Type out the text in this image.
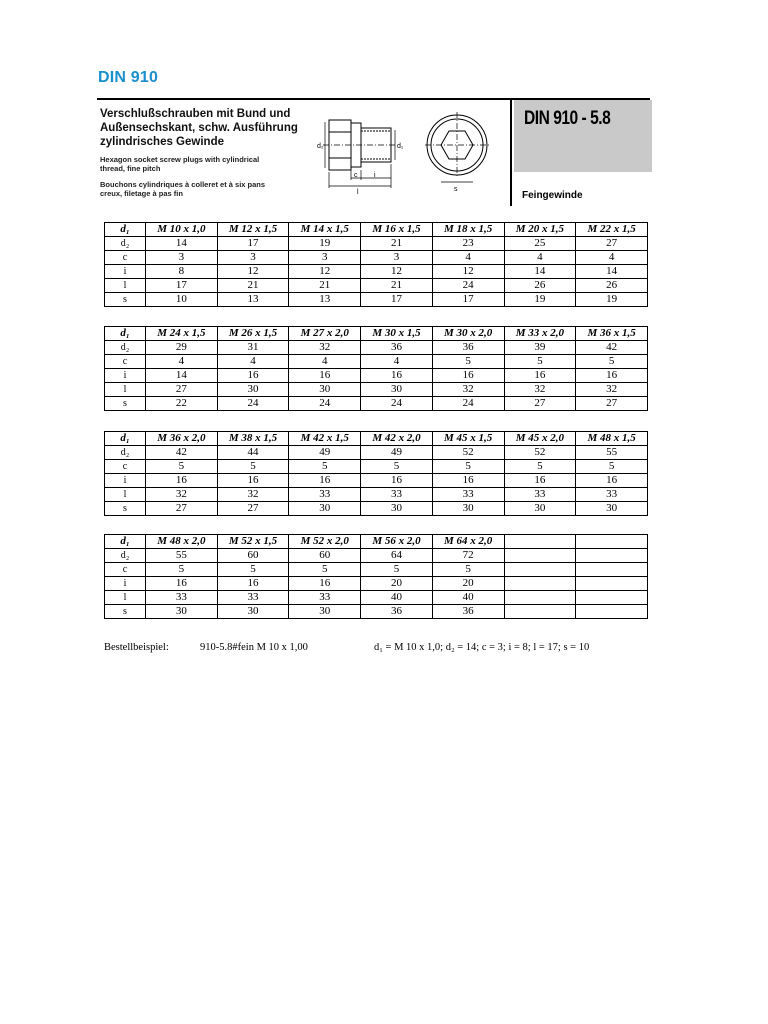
DIN 910
Verschlußschrauben mit Bund und
Außensechskant, schw. Ausführung
zylindrisches Gewinde
Hexagon socket screw plugs with cylindrical thread, fine pitch
Bouchons cylindriques à colleret et à six pans creux, filetage à pas fin
d₂	d₁
c i
l	s
DIN 910 - 5.8
Feingewinde
d₁	M 10 x 1,0	M 12 x 1,5	M 14 x 1,5	M 16 x 1,5	M 18 x 1,5	M 20 x 1,5	M 22 x 1,5
d₂	14	17	19	21	23	25	27
c	3	3	3	3	4	4	4
i	8	12	12	12	12	14	14
l	17	21	21	21	24	26	26
s	10	13	13	17	17	19	19
d₁	M 24 x 1,5	M 26 x 1,5	M 27 x 2,0	M 30 x 1,5	M 30 x 2,0	M 33 x 2,0	M 36 x 1,5
d₂	29	31	32	36	36	39	42
c	4	4	4	4	5	5	5
i	14	16	16	16	16	16	16
l	27	30	30	30	32	32	32
s	22	24	24	24	24	27	27
d₁	M 36 x 2,0	M 38 x 1,5	M 42 x 1,5	M 42 x 2,0	M 45 x 1,5	M 45 x 2,0	M 48 x 1,5
d₂	42	44	49	49	52	52	55
c	5	5	5	5	5	5	5
i	16	16	16	16	16	16	16
l	32	32	33	33	33	33	33
s	27	27	30	30	30	30	30
d₁	M 48 x 2,0	M 52 x 1,5	M 52 x 2,0	M 56 x 2,0	M 64 x 2,0		
d₂	55	60	60	64	72		
c	5	5	5	5	5		
i	16	16	16	20	20		
l	33	33	33	40	40		
s	30	30	30	36	36		
Bestellbeispiel:	910-5.8#fein M 10 x 1,00	d₁ = M 10 x 1,0; d₂ = 14; c = 3; i = 8; l = 17; s = 10
